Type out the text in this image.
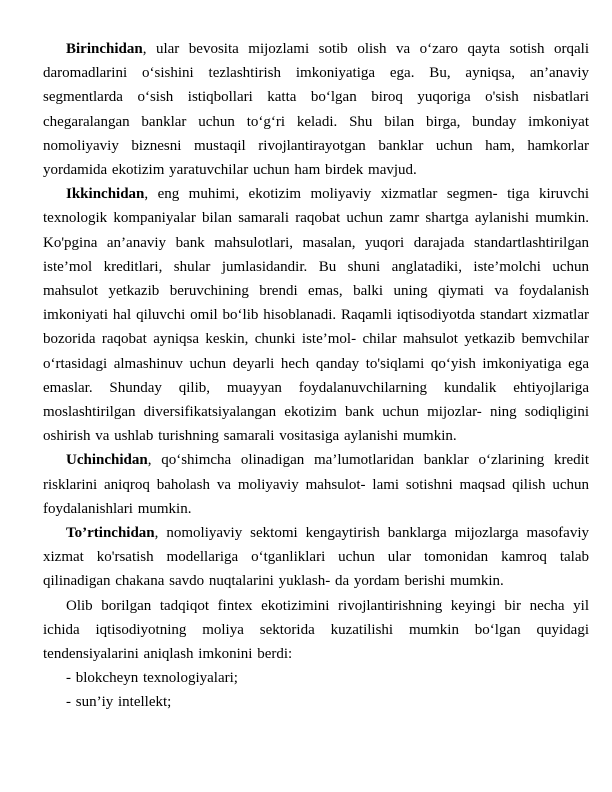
Birinchidan, ular bevosita mijozlami sotib olish va o‘zaro qayta sotish orqali daromadlarini o‘sishini tezlashtirish imkoniyatiga ega. Bu, ayniqsa, an’anaviy segmentlarda o‘sish istiqbollari katta bo‘lgan biroq yuqoriga o'sish nisbatlari chegaralangan banklar uchun to‘g‘ri keladi. Shu bilan birga, bunday imkoniyat nomoliyaviy biznesni mustaqil rivojlantirayotgan banklar uchun ham, hamkorlar yordamida ekotizim yaratuvchilar uchun ham birdek mavjud.

Ikkinchidan, eng muhimi, ekotizim moliyaviy xizmatlar segmen- tiga kiruvchi texnologik kompaniyalar bilan samarali raqobat uchun zamr shartga aylanishi mumkin. Ko'pgina an’anaviy bank mahsulotlari, masalan, yuqori darajada standartlashtirilgan iste’mol kreditlari, shular jumlasidandir. Bu shuni anglatadiki, iste’molchi uchun mahsulot yetkazib beruvchining brendi emas, balki uning qiymati va foydalanish imkoniyati hal qiluvchi omil bo‘lib hisoblanadi. Raqamli iqtisodiyotda standart xizmatlar bozorida raqobat ayniqsa keskin, chunki iste’mol- chilar mahsulot yetkazib bemvchilar o‘rtasidagi almashinuv uchun deyarli hech qanday to'siqlami qo‘yish imkoniyatiga ega emaslar. Shunday qilib, muayyan foydalanuvchilarning kundalik ehtiyojlariga moslashtirilgan diversifikatsiyalangan ekotizim bank uchun mijozlar- ning sodiqligini oshirish va ushlab turishning samarali vositasiga aylanishi mumkin.

Uchinchidan, qo‘shimcha olinadigan ma’lumotlaridan banklar o‘zlarining kredit risklarini aniqroq baholash va moliyaviy mahsulot- lami sotishni maqsad qilish uchun foydalanishlari mumkin.

To’rtinchidan, nomoliyaviy sektomi kengaytirish banklarga mijozlarga masofaviy xizmat ko'rsatish modellariga o‘tganliklari uchun ular tomonidan kamroq talab qilinadigan chakana savdo nuqtalarini yuklash- da yordam berishi mumkin.

Olib borilgan tadqiqot fintex ekotizimini rivojlantirishning keyingi bir necha yil ichida iqtisodiyotning moliya sektorida kuzatilishi mumkin bo‘lgan quyidagi tendensiyalarini aniqlash imkonini berdi:

- blokcheyn texnologiyalari;

- sun’iy intellekt;
